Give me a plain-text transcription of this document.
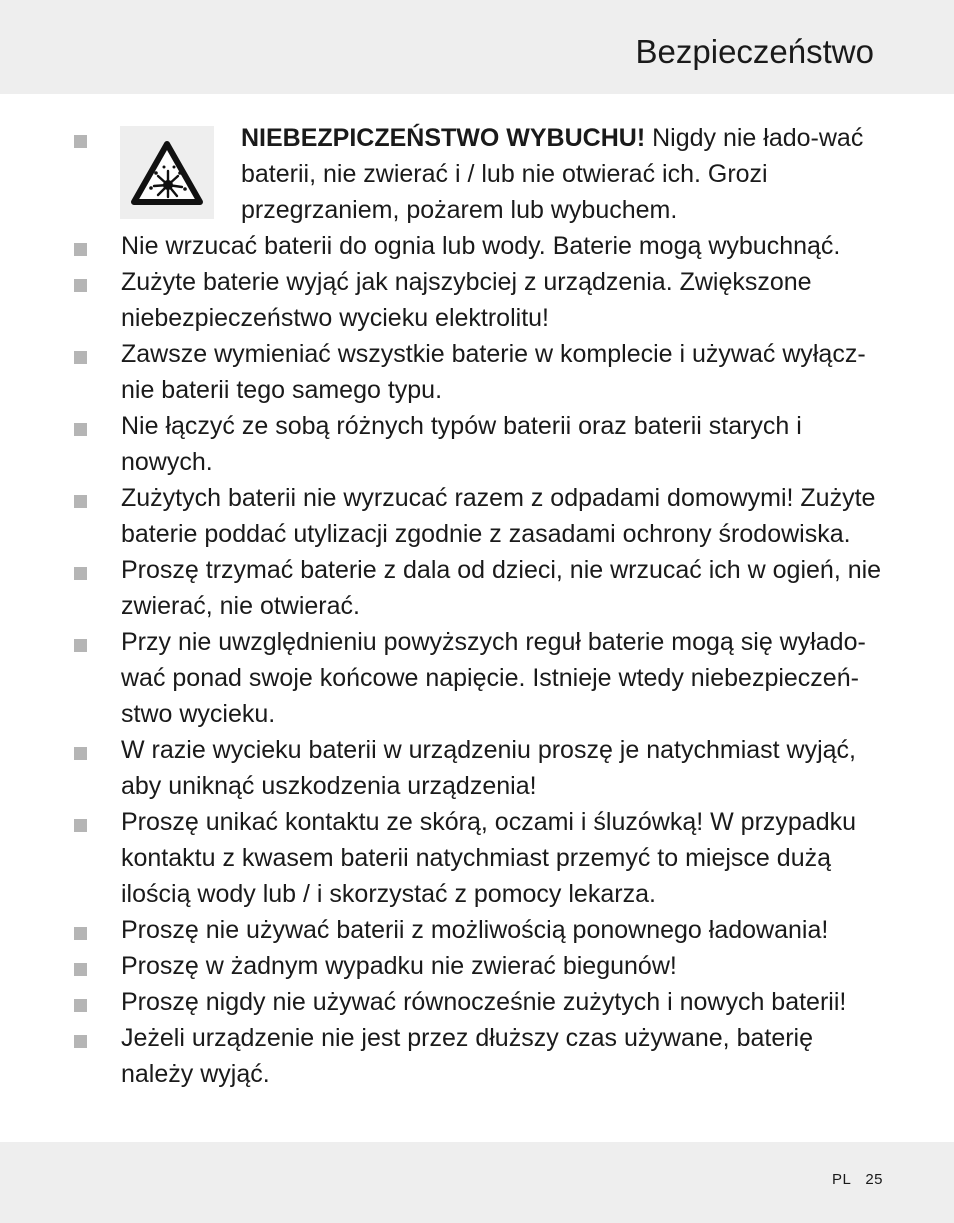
Bezpieczeństwo
NIEBEZPICZEŃSTWO WYBUCHU! Nigdy nie łado-wać baterii, nie zwierać i / lub nie otwierać ich. Grozi przegrzaniem, pożarem lub wybuchem.
Nie wrzucać baterii do ognia lub wody. Baterie mogą wybuchnąć.
Zużyte baterie wyjąć jak najszybciej z urządzenia. Zwiększone niebezpieczeństwo wycieku elektrolitu!
Zawsze wymieniać wszystkie baterie w komplecie i używać wyłącz-nie baterii tego samego typu.
Nie łączyć ze sobą różnych typów baterii oraz baterii starych i nowych.
Zużytych baterii nie wyrzucać razem z odpadami domowymi! Zużyte baterie poddać utylizacji zgodnie z zasadami ochrony środowiska.
Proszę trzymać baterie z dala od dzieci, nie wrzucać ich w ogień, nie zwierać, nie otwierać.
Przy nie uwzględnieniu powyższych reguł baterie mogą się wyłado-wać ponad swoje końcowe napięcie. Istnieje wtedy niebezpieczeń-stwo wycieku.
W razie wycieku baterii w urządzeniu proszę je natychmiast wyjąć, aby uniknąć uszkodzenia urządzenia!
Proszę unikać kontaktu ze skórą, oczami i śluzówką! W przypadku kontaktu z kwasem baterii natychmiast przemyć to miejsce dużą ilością wody lub / i skorzystać z pomocy lekarza.
Proszę nie używać baterii z możliwością ponownego ładowania!
Proszę w żadnym wypadku nie zwierać biegunów!
Proszę nigdy nie używać równocześnie zużytych i nowych baterii!
Jeżeli urządzenie nie jest przez dłuższy czas używane, baterię należy wyjąć.
PL 25
